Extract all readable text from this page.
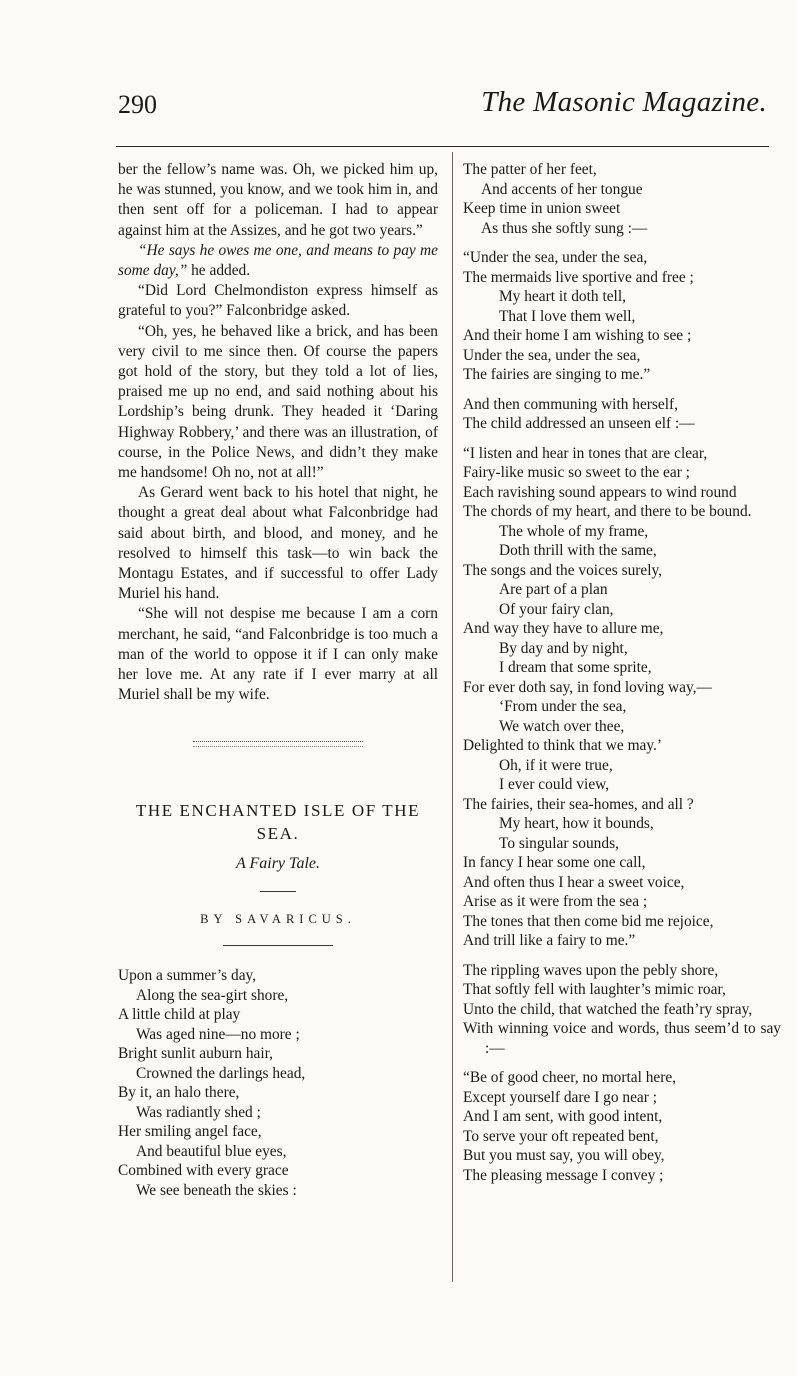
290	The Masonic Magazine.

ber the fellow’s name was. Oh, we picked him up, he was stunned, you know, and we took him in, and then sent off for a policeman. I had to appear against him at the Assizes, and he got two years.”

“He says he owes me one, and means to pay me some day,” he added.

“Did Lord Chelmondiston express himself as grateful to you?” Falconbridge asked.

“Oh, yes, he behaved like a brick, and has been very civil to me since then. Of course the papers got hold of the story, but they told a lot of lies, praised me up no end, and said nothing about his Lordship’s being drunk. They headed it ‘Daring Highway Robbery,’ and there was an illustration, of course, in the Police News, and didn’t they make me handsome! Oh no, not at all!”

As Gerard went back to his hotel that night, he thought a great deal about what Falconbridge had said about birth, and blood, and money, and he resolved to himself this task—to win back the Montagu Estates, and if successful to offer Lady Muriel his hand.

“She will not despise me because I am a corn merchant, he said, “and Falconbridge is too much a man of the world to oppose it if I can only make her love me. At any rate if I ever marry at all Muriel shall be my wife.

THE ENCHANTED ISLE OF THE SEA.
A Fairy Tale.
BY SAVARICUS.
Upon a summer’s day,
Along the sea-girt shore,
A little child at play
Was aged nine—no more ;
Bright sunlit auburn hair,
Crowned the darlings head,
By it, an halo there,
Was radiantly shed ;
Her smiling angel face,
And beautiful blue eyes,
Combined with every grace
We see beneath the skies :
The patter of her feet,
And accents of her tongue
Keep time in union sweet
As thus she softly sung :—
“Under the sea, under the sea,
The mermaids live sportive and free ;
My heart it doth tell,
That I love them well,
And their home I am wishing to see ;
Under the sea, under the sea,
The fairies are singing to me.”
And then communing with herself,
The child addressed an unseen elf :—
“I listen and hear in tones that are clear,
Fairy-like music so sweet to the ear ;
Each ravishing sound appears to wind round
The chords of my heart, and there to be bound.
The whole of my frame,
Doth thrill with the same,
The songs and the voices surely,
Are part of a plan
Of your fairy clan,
And way they have to allure me,
By day and by night,
I dream that some sprite,
For ever doth say, in fond loving way,—
‘From under the sea,
We watch over thee,
Delighted to think that we may.’
Oh, if it were true,
I ever could view,
The fairies, their sea-homes, and all ?
My heart, how it bounds,
To singular sounds,
In fancy I hear some one call,
And often thus I hear a sweet voice,
Arise as it were from the sea ;
The tones that then come bid me rejoice,
And trill like a fairy to me.”
The rippling waves upon the pebly shore,
That softly fell with laughter’s mimic roar,
Unto the child, that watched the feath’ry spray,
With winning voice and words, thus seem’d to say :—
“Be of good cheer, no mortal here,
Except yourself dare I go near ;
And I am sent, with good intent,
To serve your oft repeated bent,
But you must say, you will obey,
The pleasing message I convey ;
